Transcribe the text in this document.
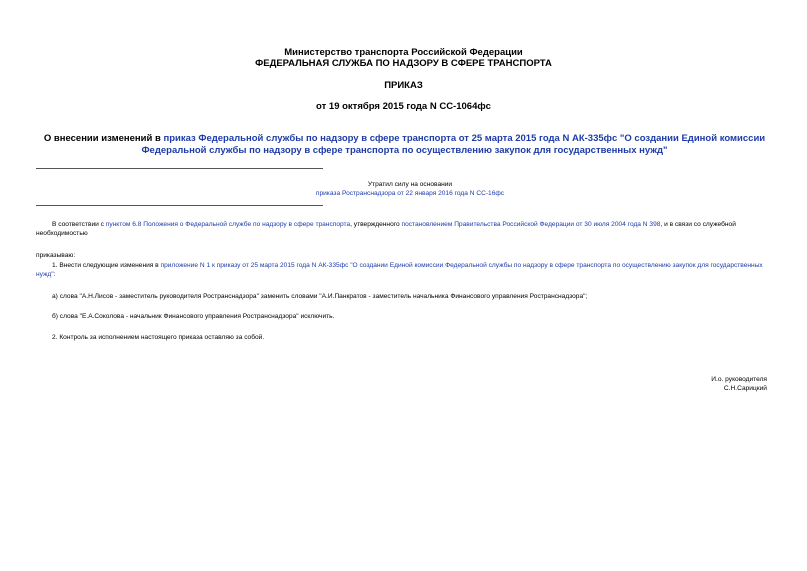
Министерство транспорта Российской Федерации
ФЕДЕРАЛЬНАЯ СЛУЖБА ПО НАДЗОРУ В СФЕРЕ ТРАНСПОРТА
ПРИКАЗ
от 19 октября 2015 года N СС-1064фс
О внесении изменений в приказ Федеральной службы по надзору в сфере транспорта от 25 марта 2015 года N АК-335фс "О создании Единой комиссии Федеральной службы по надзору в сфере транспорта по осуществлению закупок для государственных нужд"
Утратил силу на основании
приказа Ространснадзора от 22 января 2016 года N СС-16фс
В соответствии с пунктом 6.8 Положения о Федеральной службе по надзору в сфере транспорта, утвержденного постановлением Правительства Российской Федерации от 30 июля 2004 года N 398, и в связи со служебной необходимостью
приказываю:
1. Внести следующие изменения в приложение N 1 к приказу от 25 марта 2015 года N АК-335фс "О создании Единой комиссии Федеральной службы по надзору в сфере транспорта по осуществлению закупок для государственных нужд":
а) слова "А.Н.Лисов - заместитель руководителя Ространснадзора" заменить словами "А.И.Панкратов - заместитель начальника Финансового управления Ространснадзора";
б) слова "Е.А.Соколова - начальник Финансового управления Ространснадзора" исключить.
2. Контроль за исполнением настоящего приказа оставляю за собой.
И.о. руководителя
С.Н.Сарицкий
